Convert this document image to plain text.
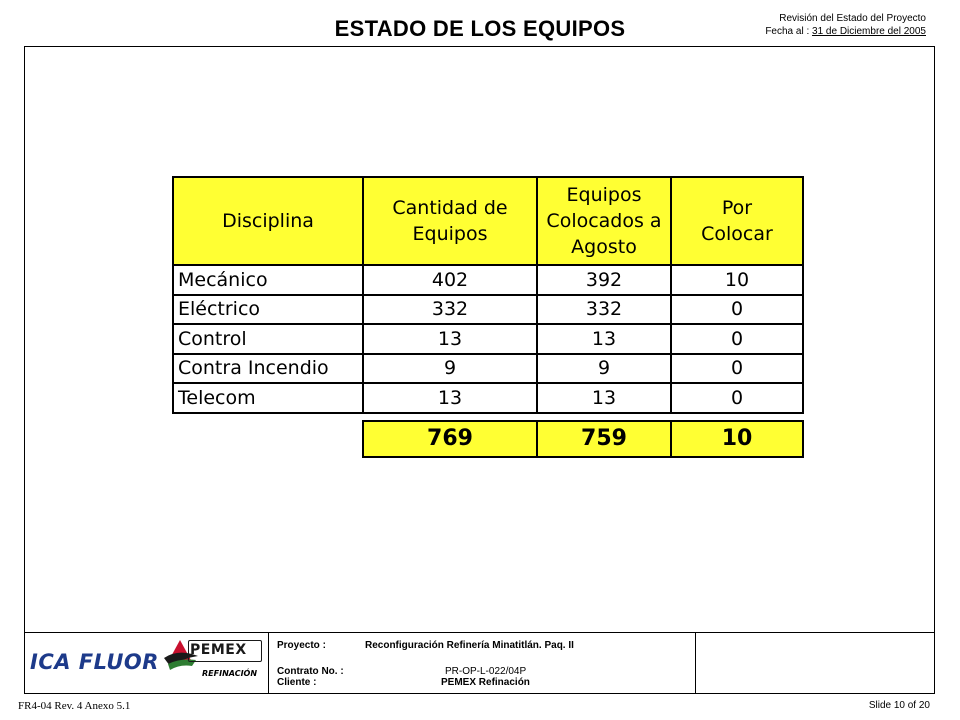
ESTADO DE LOS EQUIPOS	Revisión del Estado del Proyecto
Fecha al : 31 de Diciembre del 2005
Disciplina	Cantidad de Equipos	Equipos Colocados a Agosto	Por Colocar
Mecánico	402	392	10
Eléctrico	332	332	0
Control	13	13	0
Contra Incendio	9	9	0
Telecom	13	13	0

	769	759	10
ICA FLUOR PEMEX
REFINACIÓN
Proyecto :	Reconfiguración Refinería Minatitlán. Paq. II
Contrato No. :	PR-OP-L-022/04P
Cliente :	PEMEX Refinación
FR4-04 Rev. 4 Anexo 5.1	Slide 10 of 20
